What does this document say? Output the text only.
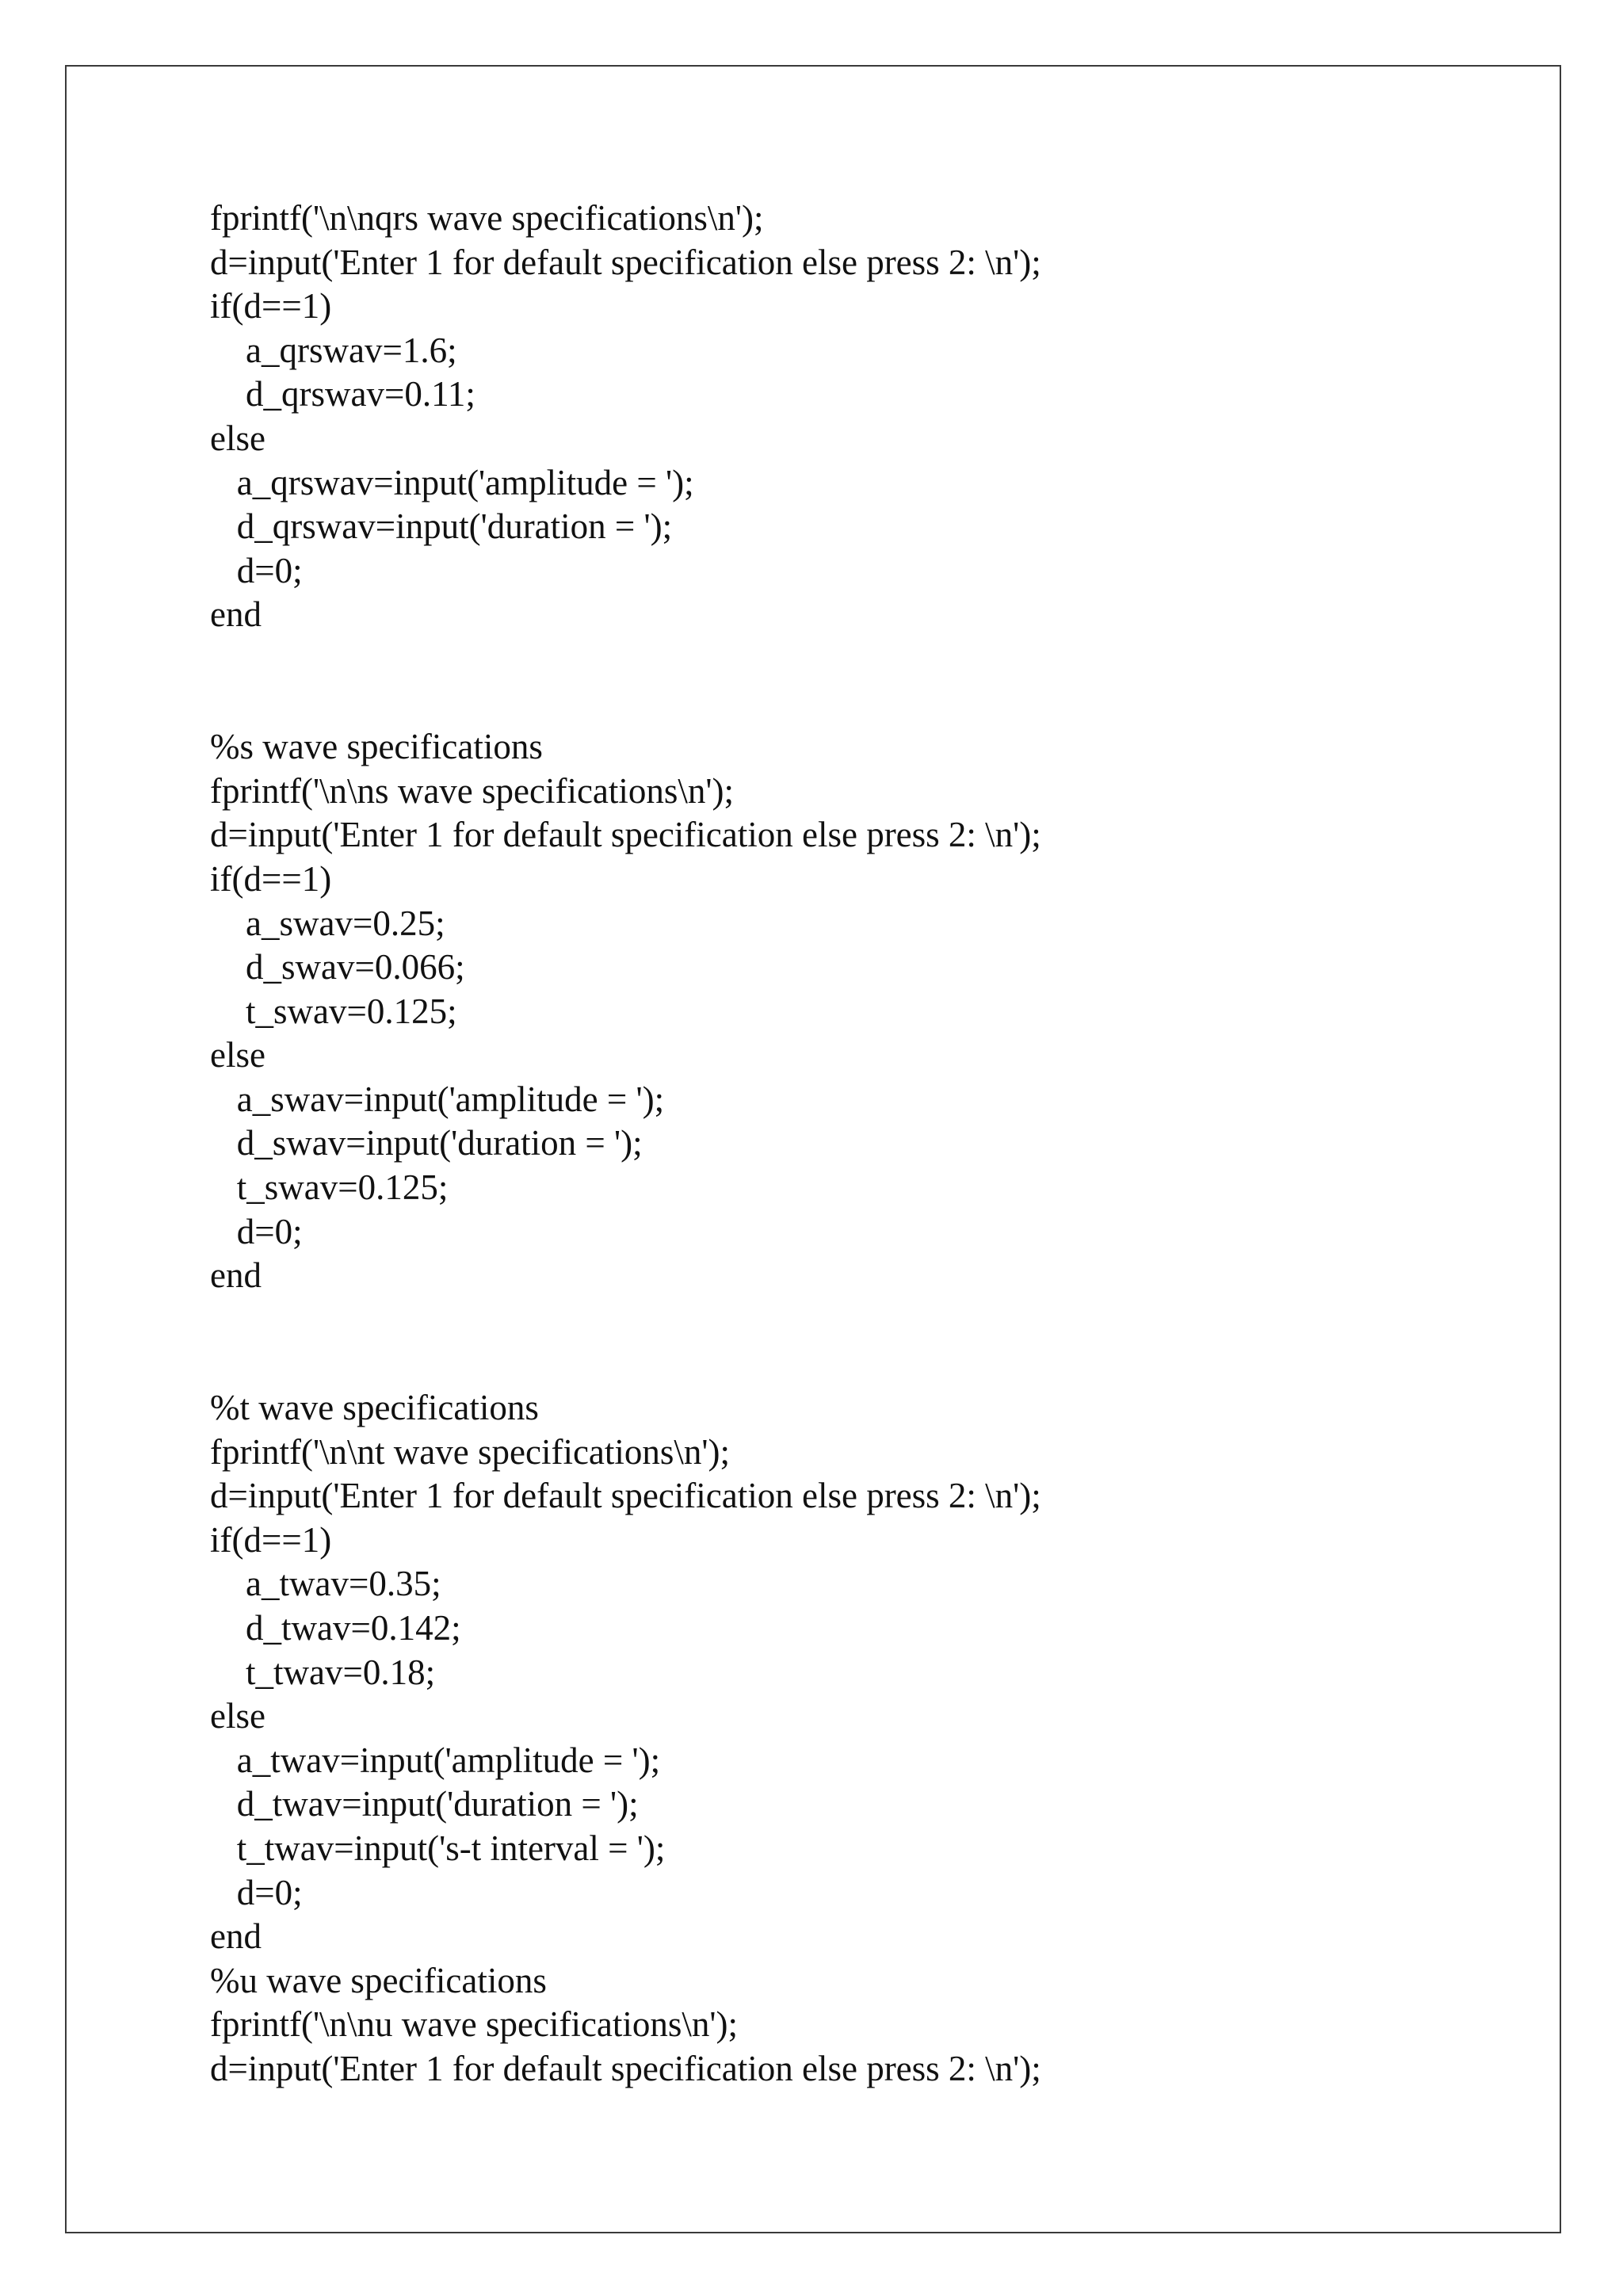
fprintf('\n\nqrs wave specifications\n');
d=input('Enter 1 for default specification else press 2: \n');
if(d==1)
a_qrswav=1.6;
d_qrswav=0.11;
else
a_qrswav=input('amplitude = ');
d_qrswav=input('duration = ');
d=0;
end
%s wave specifications
fprintf('\n\ns wave specifications\n');
d=input('Enter 1 for default specification else press 2: \n');
if(d==1)
a_swav=0.25;
d_swav=0.066;
t_swav=0.125;
else
a_swav=input('amplitude = ');
d_swav=input('duration = ');
t_swav=0.125;
d=0;
end
%t wave specifications
fprintf('\n\nt wave specifications\n');
d=input('Enter 1 for default specification else press 2: \n');
if(d==1)
a_twav=0.35;
d_twav=0.142;
t_twav=0.18;
else
a_twav=input('amplitude = ');
d_twav=input('duration = ');
t_twav=input('s-t interval = ');
d=0;
end
%u wave specifications
fprintf('\n\nu wave specifications\n');
d=input('Enter 1 for default specification else press 2: \n');
